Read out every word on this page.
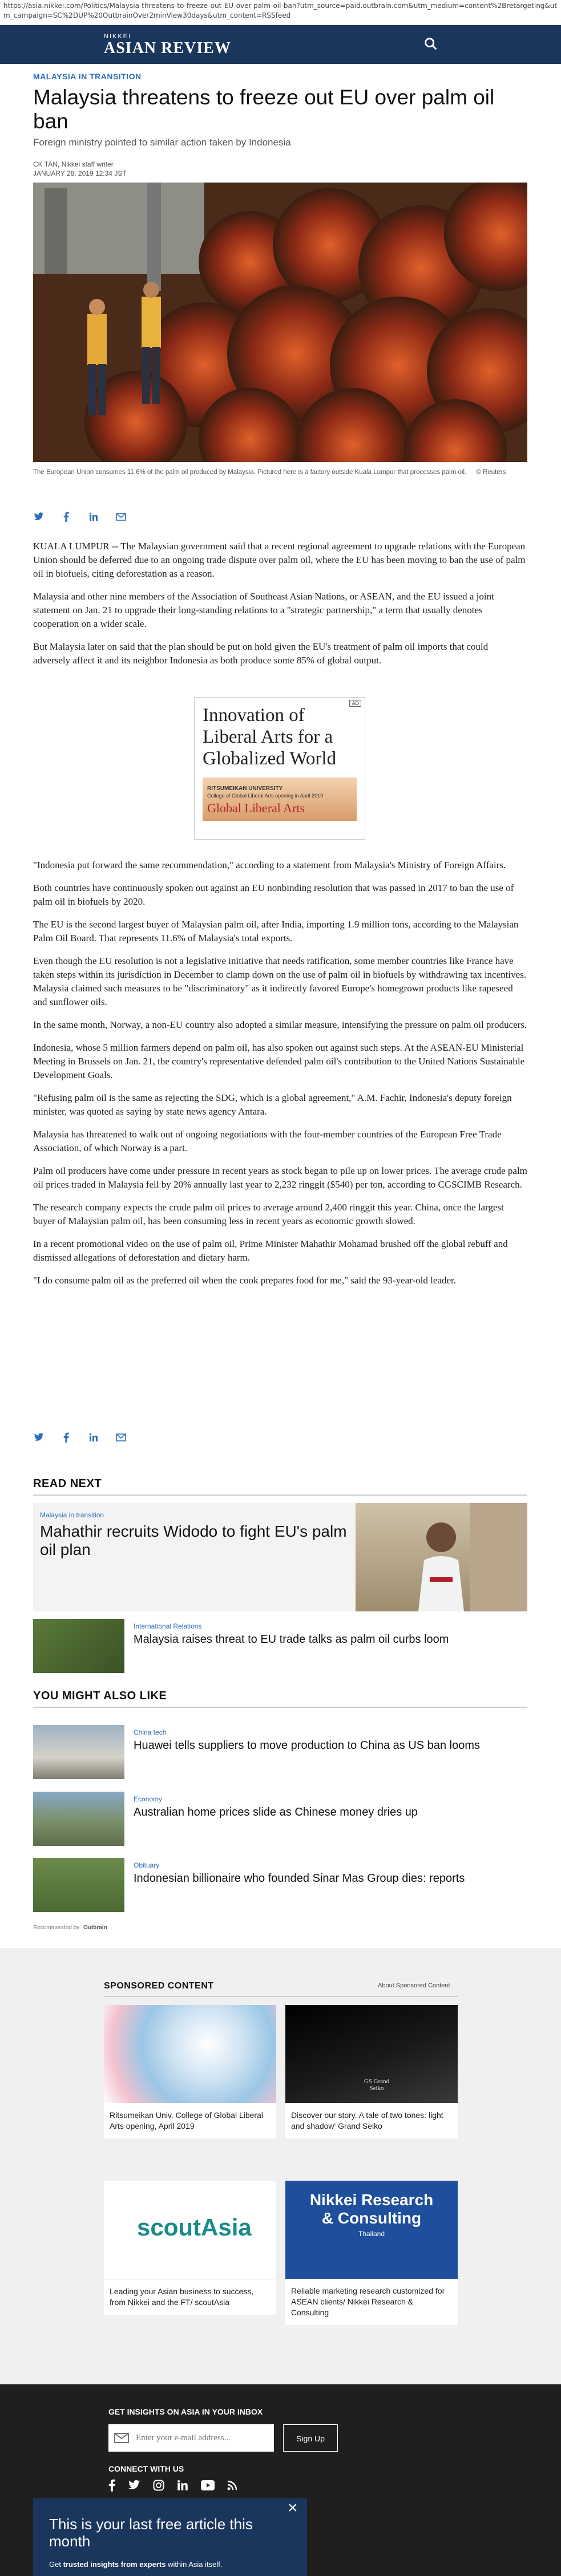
https://asia.nikkei.com/Politics/Malaysia-threatens-to-freeze-out-EU-over-palm-oil-ban?utm_source=paid.outbrain.com&utm_medium=content%2Bretargeting&utm_campaign=SC%2DUP%20OutbrainOver2minView30days&utm_content=RSSfeed
NIKKEI
ASIAN REVIEW
MALAYSIA IN TRANSITION
Malaysia threatens to freeze out EU over palm oil ban
Foreign ministry pointed to similar action taken by Indonesia
CK TAN, Nikkei staff writer
JANUARY 28, 2019 12:34 JST
The European Union consumes 11.6% of the palm oil produced by Malaysia. Pictured here is a factory outside Kuala Lumpur that processes palm oil. © Reuters

KUALA LUMPUR -- The Malaysian government said that a recent regional agreement to upgrade relations with the European Union should be deferred due to an ongoing trade dispute over palm oil, where the EU has been moving to ban the use of palm oil in biofuels, citing deforestation as a reason.

Malaysia and other nine members of the Association of Southeast Asian Nations, or ASEAN, and the EU issued a joint statement on Jan. 21 to upgrade their long-standing relations to a "strategic partnership," a term that usually denotes cooperation on a wider scale.

But Malaysia later on said that the plan should be put on hold given the EU's treatment of palm oil imports that could adversely affect it and its neighbor Indonesia as both produce some 85% of global output.

AD
Innovation of
Liberal Arts for a
Globalized World
RITSUMEIKAN UNIVERSITY
College of Global Liberal Arts opening in April 2019
Global Liberal Arts

"Indonesia put forward the same recommendation," according to a statement from Malaysia's Ministry of Foreign Affairs.

Both countries have continuously spoken out against an EU nonbinding resolution that was passed in 2017 to ban the use of palm oil in biofuels by 2020.

The EU is the second largest buyer of Malaysian palm oil, after India, importing 1.9 million tons, according to the Malaysian Palm Oil Board. That represents 11.6% of Malaysia's total exports.

Even though the EU resolution is not a legislative initiative that needs ratification, some member countries like France have taken steps within its jurisdiction in December to clamp down on the use of palm oil in biofuels by withdrawing tax incentives. Malaysia claimed such measures to be "discriminatory" as it indirectly favored Europe's homegrown products like rapeseed and sunflower oils.

In the same month, Norway, a non-EU country also adopted a similar measure, intensifying the pressure on palm oil producers.

Indonesia, whose 5 million farmers depend on palm oil, has also spoken out against such steps. At the ASEAN-EU Ministerial Meeting in Brussels on Jan. 21, the country's representative defended palm oil's contribution to the United Nations Sustainable Development Goals.

"Refusing palm oil is the same as rejecting the SDG, which is a global agreement," A.M. Fachir, Indonesia's deputy foreign minister, was quoted as saying by state news agency Antara.

Malaysia has threatened to walk out of ongoing negotiations with the four-member countries of the European Free Trade Association, of which Norway is a part.

Palm oil producers have come under pressure in recent years as stock began to pile up on lower prices. The average crude palm oil prices traded in Malaysia fell by 20% annually last year to 2,232 ringgit ($540) per ton, according to CGSCIMB Research.

The research company expects the crude palm oil prices to average around 2,400 ringgit this year. China, once the largest buyer of Malaysian palm oil, has been consuming less in recent years as economic growth slowed.

In a recent promotional video on the use of palm oil, Prime Minister Mahathir Mohamad brushed off the global rebuff and dismissed allegations of deforestation and dietary harm.

"I do consume palm oil as the preferred oil when the cook prepares food for me," said the 93-year-old leader.

READ NEXT
Malaysia in transition
Mahathir recruits Widodo to fight EU's palm oil plan
International Relations
Malaysia raises threat to EU trade talks as palm oil curbs loom
YOU MIGHT ALSO LIKE
China tech
Huawei tells suppliers to move production to China as US ban looms
Economy
Australian home prices slide as Chinese money dries up
Obituary
Indonesian billionaire who founded Sinar Mas Group dies: reports
Recommended by Outbrain
SPONSORED CONTENT	About Sponsored Content
Ritsumeikan Univ. College of Global Liberal Arts opening, April 2019
GS Grand Seiko
Discover our story. A tale of two tones: light and shadow' Grand Seiko
scoutAsia
Leading your Asian business to success, from Nikkei and the FT/ scoutAsia
Nikkei Research
& Consulting
Thailand
Reliable marketing research customized for ASEAN clients/ Nikkei Research & Consulting
GET INSIGHTS ON ASIA IN YOUR INBOX
Enter your e-mail address...
Sign Up
CONNECT WITH US
This is your last free article this month
×
Get trusted insights from experts within Asia itself.
